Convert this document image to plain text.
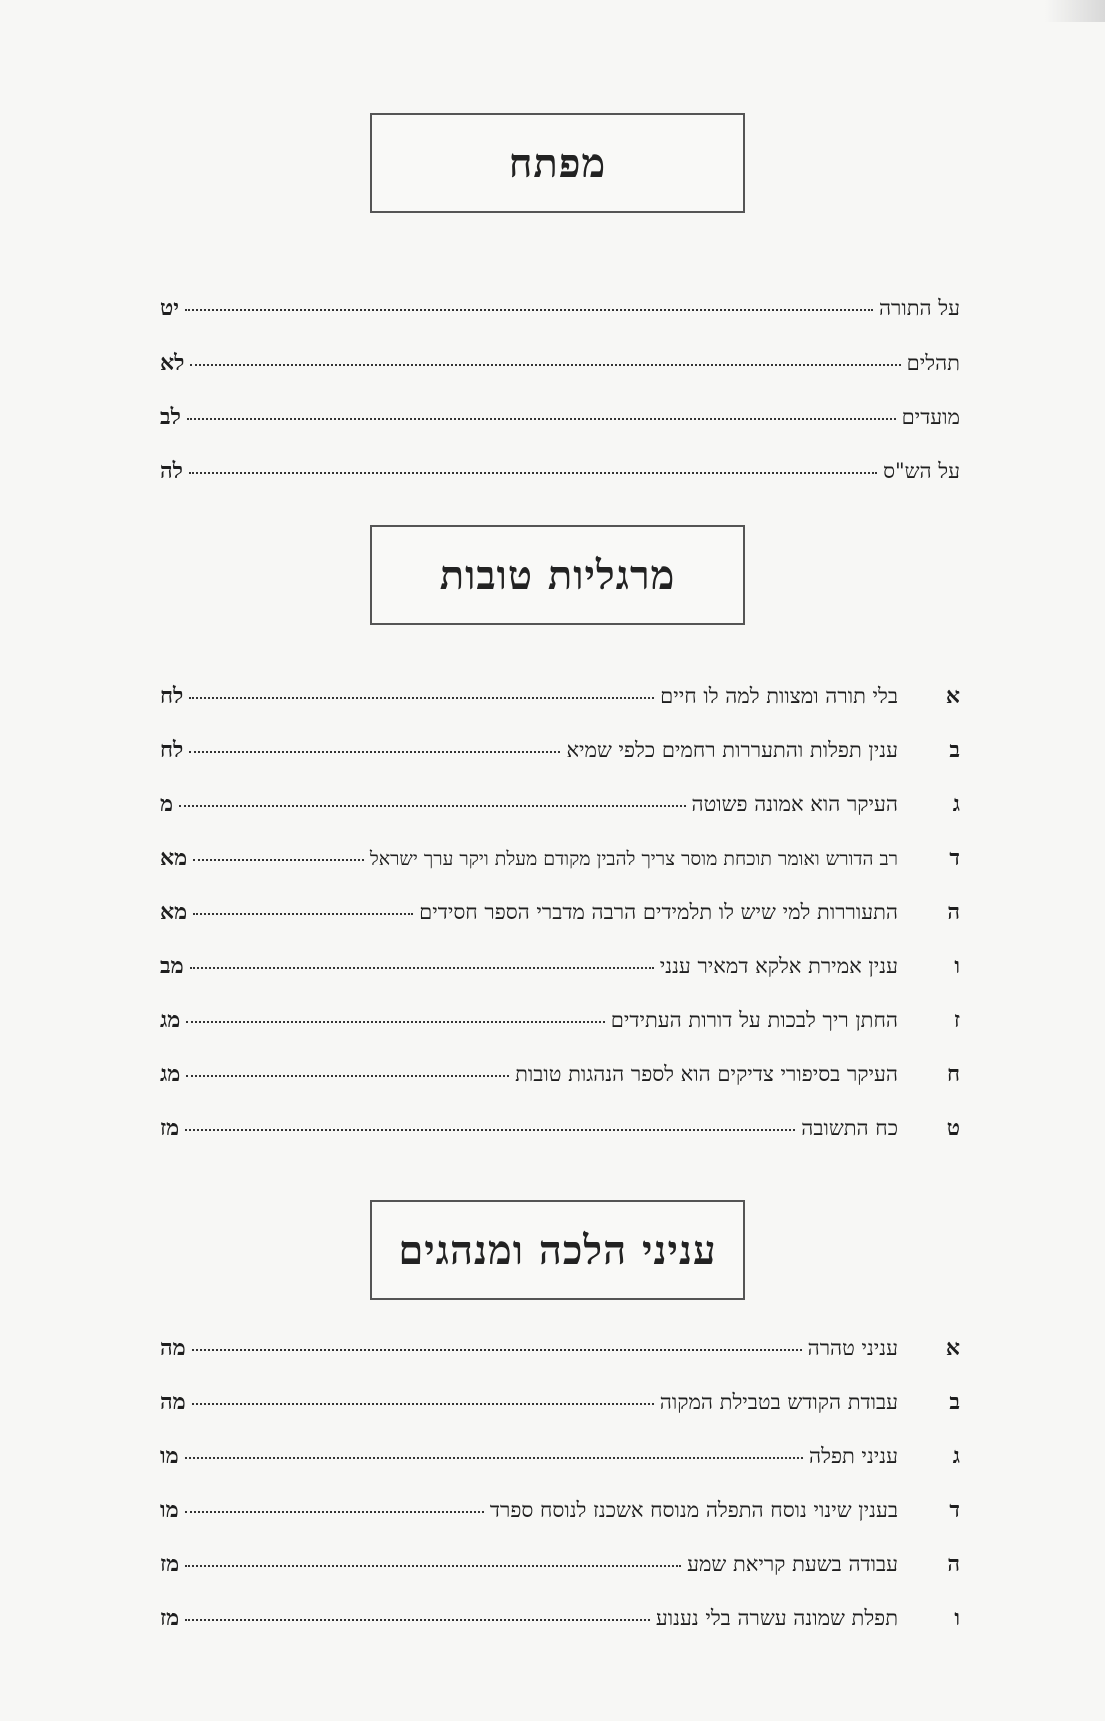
מפתח
על התורה
יט
תהלים
לא
מועדים
לב
על הש"ס
לה
מרגליות טובות
א
בלי תורה ומצוות למה לו חיים
לח
ב
ענין תפלות והתעררות רחמים כלפי שמיא
לח
ג
העיקר הוא אמונה פשוטה
מ
ד
רב הדורש ואומר תוכחת מוסר צריך להבין מקודם מעלת ויקר ערך ישראל
מא
ה
התעוררות למי שיש לו תלמידים הרבה מדברי הספר חסידים
מא
ו
ענין אמירת אלקא דמאיר ענני
מב
ז
החתן ריך לבכות על דורות העתידים
מג
ח
העיקר בסיפורי צדיקים הוא לספר הנהגות טובות
מג
ט
כח התשובה
מז
עניני הלכה ומנהגים
א
עניני טהרה
מה
ב
עבודת הקודש בטבילת המקוה
מה
ג
עניני תפלה
מו
ד
בענין שינוי נוסח התפלה מנוסח אשכנז לנוסח ספרד
מו
ה
עבודה בשעת קריאת שמע
מז
ו
תפלת שמונה עשרה בלי נענוע
מז
